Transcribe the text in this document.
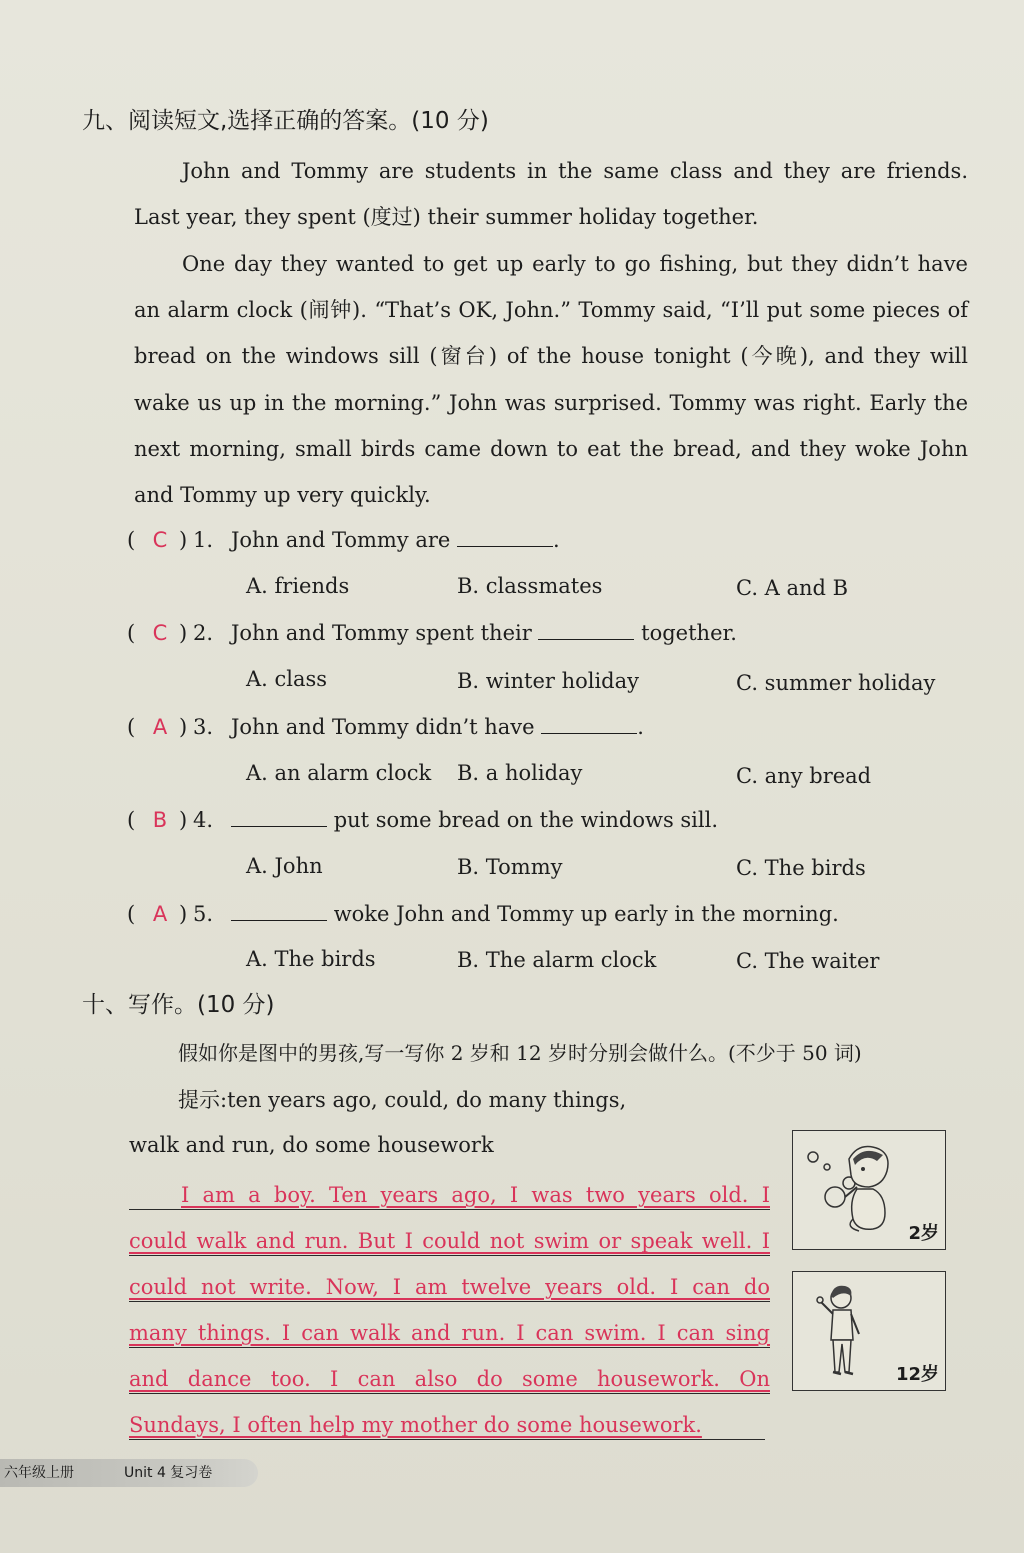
九、阅读短文,选择正确的答案。(10 分)
John and Tommy are students in the same class and they are friends. Last year, they spent (度过) their summer holiday together.
One day they wanted to get up early to go fishing, but they didn’t have an alarm clock (闹钟). “That’s OK, John.” Tommy said, “I’ll put some pieces of bread on the windows sill (窗台) of the house tonight (今晚), and they will wake us up in the morning.” John was surprised. Tommy was right. Early the next morning, small birds came down to eat the bread, and they woke John and Tommy up very quickly.
( C ) 1. John and Tommy are	.
A. friends	B. classmates	C. A and B
( C ) 2. John and Tommy spent their	together.
A. class	B. winter holiday	C. summer holiday
( A ) 3. John and Tommy didn’t have	.
A. an alarm clock B. a holiday	C. any bread
( B ) 4.	put some bread on the windows sill.
A. John	B. Tommy	C. The birds
( A ) 5.	woke John and Tommy up early in the morning.
A. The birds	B. The alarm clock	C. The waiter
十、写作。(10 分)
假如你是图中的男孩,写一写你 2 岁和 12 岁时分别会做什么。(不少于 50 词)
提示:ten years ago, could, do many things,
walk and run, do some housework
I am a boy. Ten years ago, I was two years old. I
could walk and run. But I could not swim or speak well. I
could not write. Now, I am twelve years old. I can do
many things. I can walk and run. I can swim. I can sing
and dance too. I can also do some housework. On
Sundays, I often help my mother do some housework.
2岁
12岁
六年级上册	Unit 4 复习卷
